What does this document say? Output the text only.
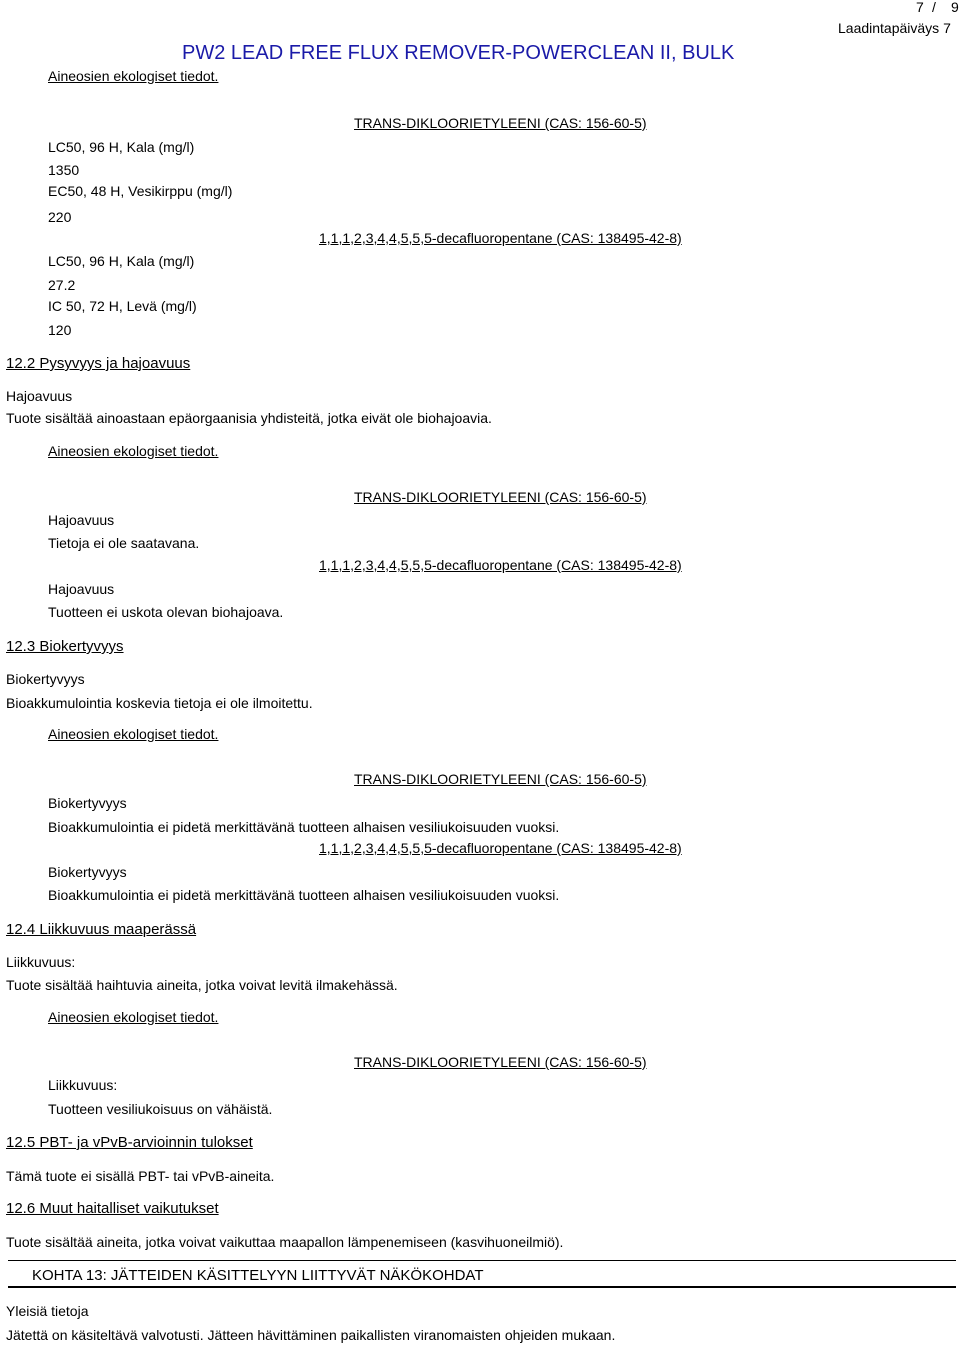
7 / 9
Laadintapäiväys 7
PW2 LEAD FREE FLUX REMOVER-POWERCLEAN II, BULK
Aineosien ekologiset tiedot.
TRANS-DIKLOORIETYLEENI (CAS: 156-60-5)
LC50, 96 H, Kala (mg/l)
1350
EC50, 48 H, Vesikirppu (mg/l)
220
1,1,1,2,3,4,4,5,5,5-decafluoropentane (CAS: 138495-42-8)
LC50, 96 H, Kala (mg/l)
27.2
IC 50, 72 H, Levä (mg/l)
120
12.2 Pysyvyys ja hajoavuus
Hajoavuus
Tuote sisältää ainoastaan epäorgaanisia yhdisteitä, jotka eivät ole biohajoavia.
Aineosien ekologiset tiedot.
TRANS-DIKLOORIETYLEENI (CAS: 156-60-5)
Hajoavuus
Tietoja ei ole saatavana.
1,1,1,2,3,4,4,5,5,5-decafluoropentane (CAS: 138495-42-8)
Hajoavuus
Tuotteen ei uskota olevan biohajoava.
12.3 Biokertyvyys
Biokertyvyys
Bioakkumulointia koskevia tietoja ei ole ilmoitettu.
Aineosien ekologiset tiedot.
TRANS-DIKLOORIETYLEENI (CAS: 156-60-5)
Biokertyvyys
Bioakkumulointia ei pidetä merkittävänä tuotteen alhaisen vesiliukoisuuden vuoksi.
1,1,1,2,3,4,4,5,5,5-decafluoropentane (CAS: 138495-42-8)
Biokertyvyys
Bioakkumulointia ei pidetä merkittävänä tuotteen alhaisen vesiliukoisuuden vuoksi.
12.4 Liikkuvuus maaperässä
Liikkuvuus:
Tuote sisältää haihtuvia aineita, jotka voivat levitä ilmakehässä.
Aineosien ekologiset tiedot.
TRANS-DIKLOORIETYLEENI (CAS: 156-60-5)
Liikkuvuus:
Tuotteen vesiliukoisuus on vähäistä.
12.5 PBT- ja vPvB-arvioinnin tulokset
Tämä tuote ei sisällä PBT- tai vPvB-aineita.
12.6 Muut haitalliset vaikutukset
Tuote sisältää aineita, jotka voivat vaikuttaa maapallon lämpenemiseen (kasvihuoneilmiö).
KOHTA 13: JÄTTEIDEN KÄSITTELYYN LIITTYVÄT NÄKÖKOHDAT
Yleisiä tietoja
Jätettä on käsiteltävä valvotusti. Jätteen hävittäminen paikallisten viranomaisten ohjeiden mukaan.
